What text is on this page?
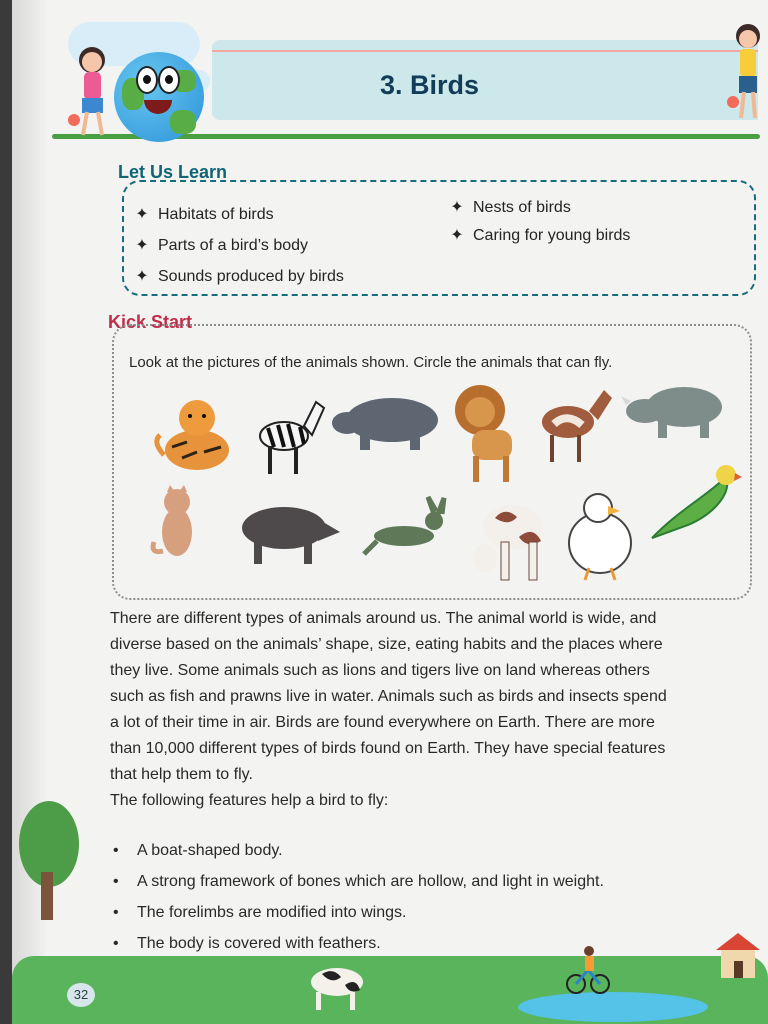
3. Birds
Let Us Learn
✦ Habitats of birds
✦ Parts of a bird’s body
✦ Sounds produced by birds
✦ Nests of birds
✦ Caring for young birds
Kick Start
Look at the pictures of the animals shown. Circle the animals that can fly.

There are different types of animals around us. The animal world is wide, and

diverse based on the animals’ shape, size, eating habits and the places where

they live. Some animals such as lions and tigers live on land whereas others

such as fish and prawns live in water. Animals such as birds and insects spend

a lot of their time in air. Birds are found everywhere on Earth. There are more

than 10,000 different types of birds found on Earth. They have special features

that help them to fly.

The following features help a bird to fly:

• A boat-shaped body.
• A strong framework of bones which are hollow, and light in weight.
• The forelimbs are modified into wings.
• The body is covered with feathers.
32
